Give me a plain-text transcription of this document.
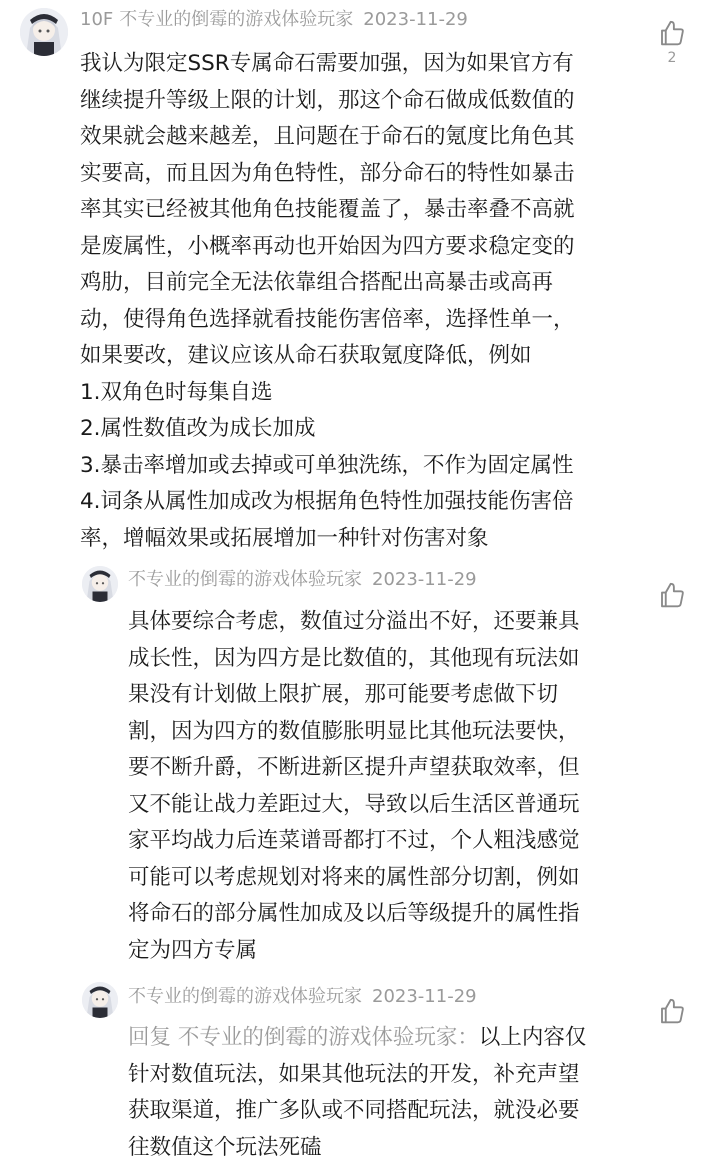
10F 不专业的倒霉的游戏体验玩家 2023-11-29
2
我认为限定SSR专属命石需要加强，因为如果官方有
继续提升等级上限的计划，那这个命石做成低数值的
效果就会越来越差，且问题在于命石的氪度比角色其
实要高，而且因为角色特性，部分命石的特性如暴击
率其实已经被其他角色技能覆盖了，暴击率叠不高就
是废属性，小概率再动也开始因为四方要求稳定变的
鸡肋，目前完全无法依靠组合搭配出高暴击或高再
动，使得角色选择就看技能伤害倍率，选择性单一，
如果要改，建议应该从命石获取氪度降低，例如
1.双角色时每集自选
2.属性数值改为成长加成
3.暴击率增加或去掉或可单独洗练，不作为固定属性
4.词条从属性加成改为根据角色特性加强技能伤害倍
率，增幅效果或拓展增加一种针对伤害对象
不专业的倒霉的游戏体验玩家 2023-11-29
具体要综合考虑，数值过分溢出不好，还要兼具
成长性，因为四方是比数值的，其他现有玩法如
果没有计划做上限扩展，那可能要考虑做下切
割，因为四方的数值膨胀明显比其他玩法要快，
要不断升爵，不断进新区提升声望获取效率，但
又不能让战力差距过大，导致以后生活区普通玩
家平均战力后连菜谱哥都打不过，个人粗浅感觉
可能可以考虑规划对将来的属性部分切割，例如
将命石的部分属性加成及以后等级提升的属性指
定为四方专属
不专业的倒霉的游戏体验玩家 2023-11-29
回复 不专业的倒霉的游戏体验玩家：以上内容仅
针对数值玩法，如果其他玩法的开发，补充声望
获取渠道，推广多队或不同搭配玩法，就没必要
往数值这个玩法死磕
